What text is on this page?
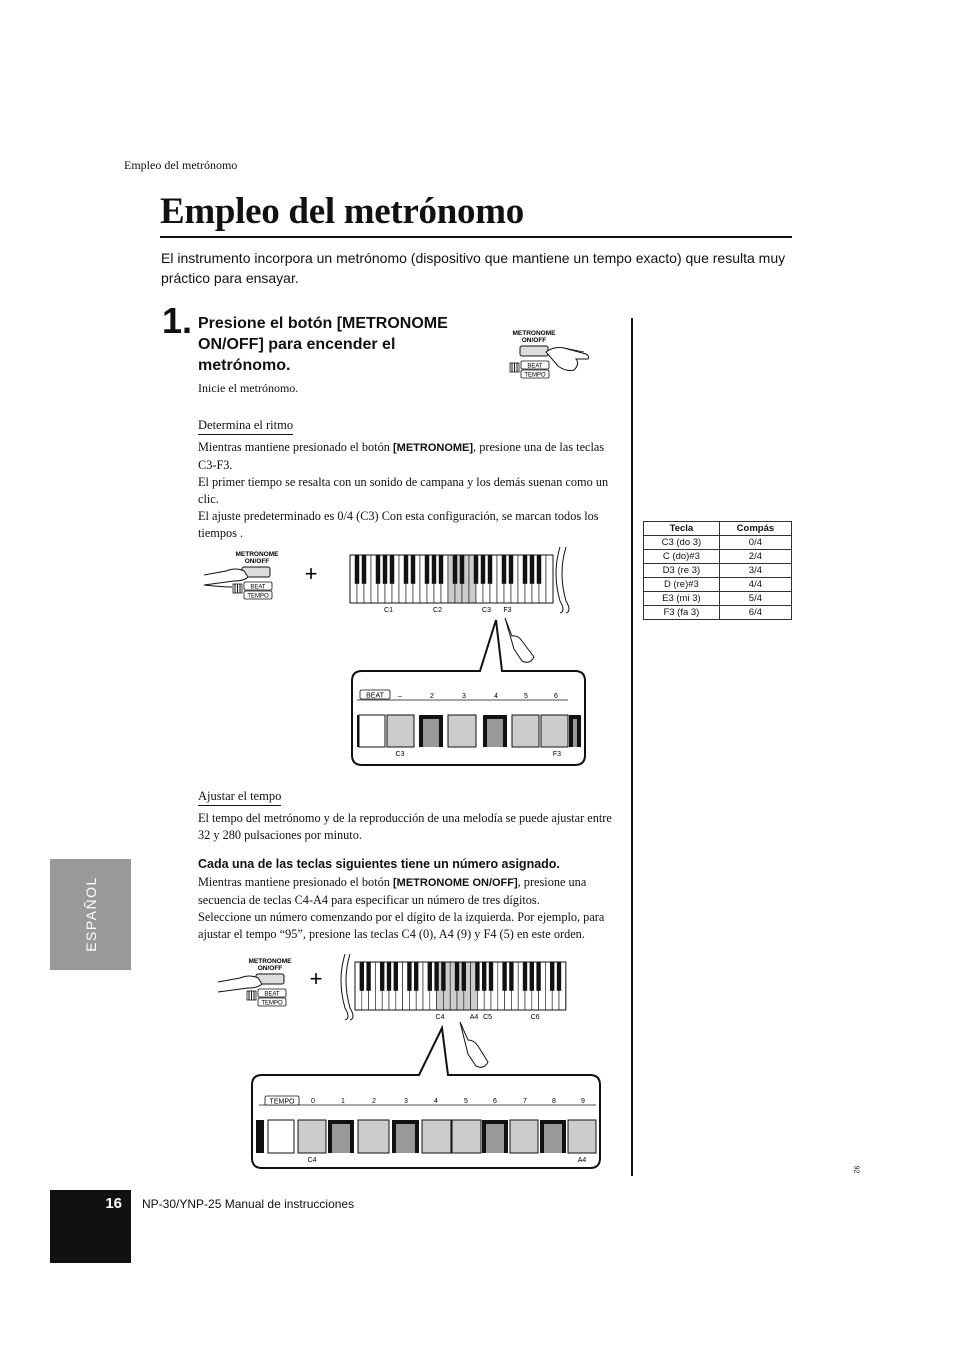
Empleo del metrónomo
Empleo del metrónomo
El instrumento incorpora un metrónomo (dispositivo que mantiene un tempo exacto) que resulta muy práctico para ensayar.
1. Presione el botón [METRONOME ON/OFF] para encender el metrónomo.
Inicie el metrónomo.
METRONOME
ON/OFF
BEAT
TEMPO
Determina el ritmo

Mientras mantiene presionado el botón [METRONOME], presione una de las teclas C3-F3.

El primer tiempo se resalta con un sonido de campana y los demás suenan como un clic.

El ajuste predeterminado es 0/4 (C3) Con esta configuración, se marcan todos los tiempos .

METRONOME
ON/OFF
BEAT
TEMPO
+
C1	C2	C3 F3
BEAT –	2	3	4	5	6
C3	F3
Ajustar el tempo
El tempo del metrónomo y de la reproducción de una melodía se puede ajustar entre 32 y 280 pulsaciones por minuto.
Cada una de las teclas siguientes tiene un número asignado.

Mientras mantiene presionado el botón [METRONOME ON/OFF], presione una secuencia de teclas C4-A4 para especificar un número de tres dígitos.

Seleccione un número comenzando por el dígito de la izquierda. Por ejemplo, para ajustar el tempo “95”, presione las teclas C4 (0), A4 (9) y F4 (5) en este orden.

METRONOME
ON/OFF
BEAT
TEMPO
+
C4	A4 C5	C6
TEMPO 0	1	2	3	4	5	6	7	8	9
C4	A4
Tecla	Compás
C3 (do 3)	0/4
C (do)#3	2/4
D3 (re 3)	3/4
D (re)#3	4/4
E3 (mi 3)	5/4
F3 (fa 3)	6/4
ESPAÑOL
16 NP-30/YNP-25 Manual de instrucciones
92
